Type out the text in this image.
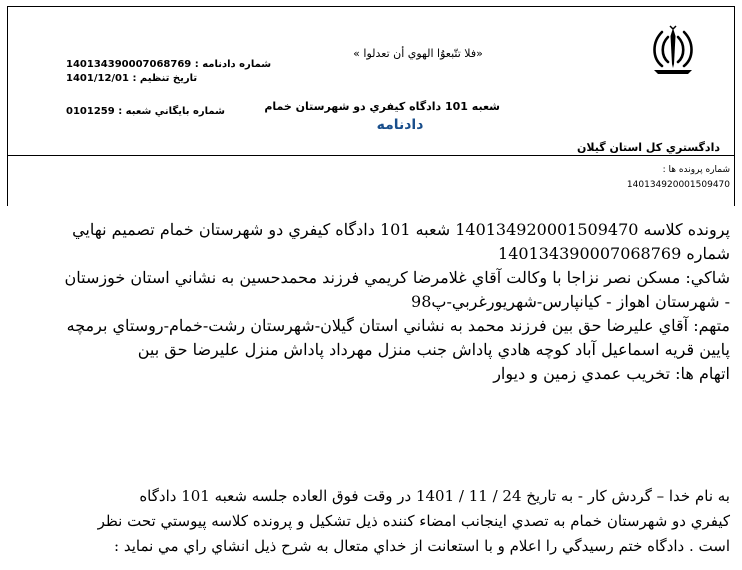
دادگستري كل استان گيلان
«فلا تتّبعوُا الهوي أن تعدلوا »
شعبه 101 دادگاه كيفري دو شهرستان خمام
دادنامه
شماره دادنامه : 140134390007068769
تاريخ تنظيم : 1401/12/01
شماره بايگاني شعبه : 0101259
شماره پرونده ها :
140134920001509470

پرونده كلاسه 140134920001509470 شعبه 101 دادگاه كيفري دو شهرستان خمام تصميم نهايي

شماره 140134390007068769

شاكي: مسكن نصر نزاجا با وكالت آقاي غلامرضا كريمي فرزند محمدحسين به نشاني استان خوزستان

- شهرستان اهواز - كيانپارس-شهريورغربي-پ98

متهم: آقاي عليرضا حق بين فرزند محمد به نشاني استان گيلان-شهرستان رشت-خمام-روستاي برمچه

پايين قريه اسماعيل آباد كوچه هادي پاداش جنب منزل مهرداد پاداش منزل عليرضا حق بين

اتهام ها: تخريب عمدي زمين و ديوار

به نام خدا – گردش كار - به تاريخ 24 / 11 / 1401 در وقت فوق العاده جلسه شعبه 101 دادگاه

كيفري دو شهرستان خمام به تصدي اينجانب امضاء كننده ذيل تشكيل و پرونده كلاسه پيوستي تحت نظر

است . دادگاه ختم رسيدگي را اعلام و با استعانت از خداي متعال به شرح ذيل انشاي راي مي نمايد :
